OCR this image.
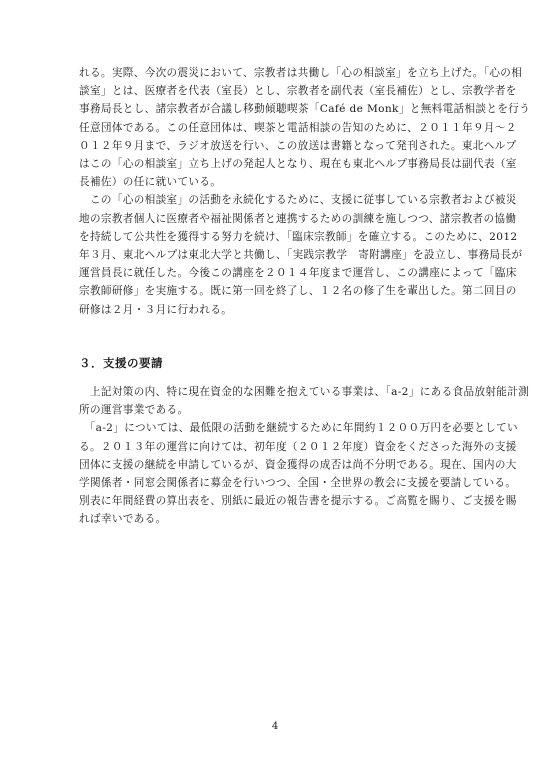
れる。実際、今次の震災において、宗教者は共働し「心の相談室」を立ち上げた。「心の相
談室」とは、医療者を代表（室長）とし、宗教者を副代表（室長補佐）とし、宗教学者を
事務局長とし、諸宗教者が合議し移動傾聴喫茶「Café de Monk」と無料電話相談とを行う
任意団体である。この任意団体は、喫茶と電話相談の告知のために、２０１１年９月～２
０１２年９月まで、ラジオ放送を行い、この放送は書籍となって発刊された。東北ヘルプ
はこの「心の相談室」立ち上げの発起人となり、現在も東北ヘルプ事務局長は副代表（室
長補佐）の任に就いている。
　この「心の相談室」の活動を永続化するために、支援に従事している宗教者および被災
地の宗教者個人に医療者や福祉関係者と連携するための訓練を施しつつ、諸宗教者の協働
を持続して公共性を獲得する努力を続け、「臨床宗教師」を確立する。このために、2012
年３月、東北ヘルプは東北大学と共働し、「実践宗教学　寄附講座」を設立し、事務局長が
運営員長に就任した。今後この講座を２０１４年度まで運営し、この講座によって「臨床
宗教師研修」を実施する。既に第一回を終了し、１２名の修了生を輩出した。第二回目の
研修は２月・３月に行われる。
３．支援の要請
　上記対策の内、特に現在資金的な困難を抱えている事業は、「a-2」にある食品放射能計測
所の運営事業である。
　「a-2」については、最低限の活動を継続するために年間約１２００万円を必要としてい
る。２０１３年の運営に向けては、初年度（２０１２年度）資金をくださった海外の支援
団体に支援の継続を申請しているが、資金獲得の成否は尚不分明である。現在、国内の大
学関係者・同窓会関係者に募金を行いつつ、全国・全世界の教会に支援を要請している。
別表に年間経費の算出表を、別紙に最近の報告書を提示する。ご高覧を賜り、ご支援を賜
れば幸いである。
4
